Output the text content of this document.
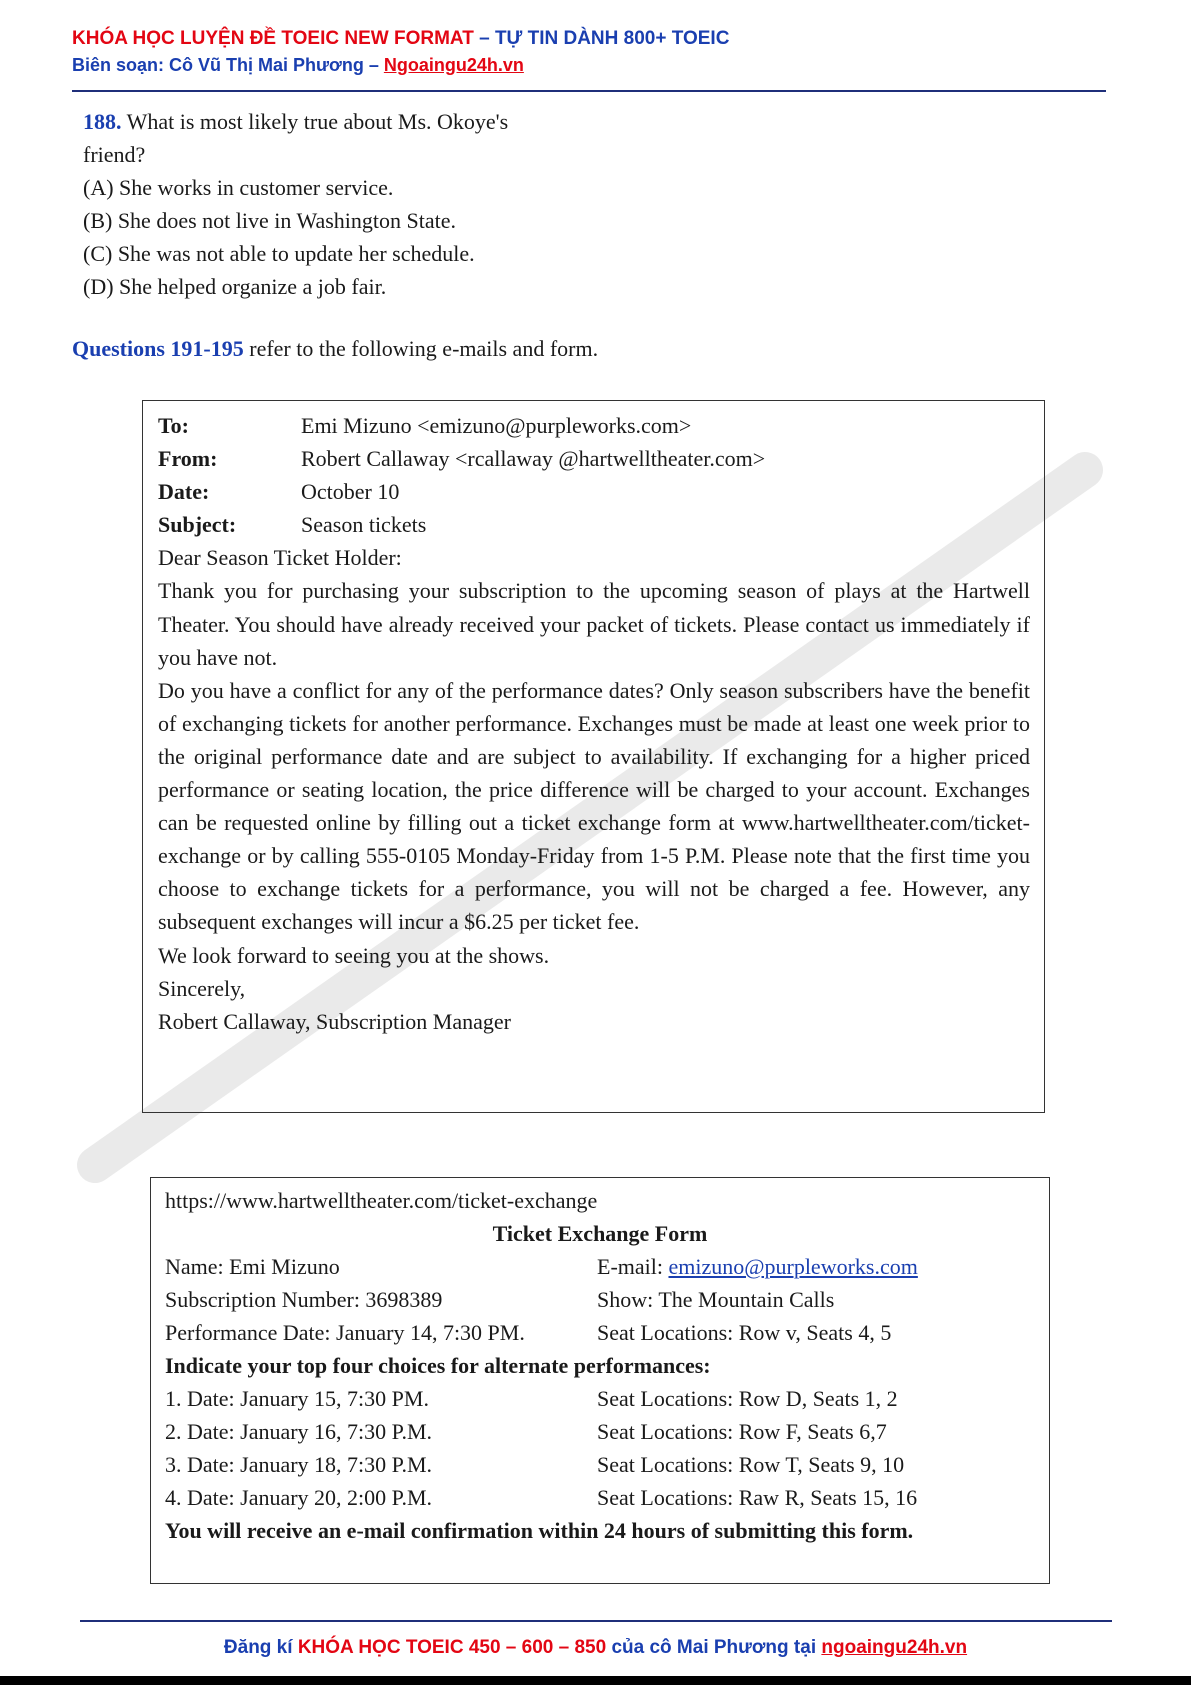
KHÓA HỌC LUYỆN ĐỀ TOEIC NEW FORMAT – TỰ TIN DÀNH 800+ TOEIC
Biên soạn: Cô Vũ Thị Mai Phương – Ngoaingu24h.vn
188. What is most likely true about Ms. Okoye's
friend?
(A) She works in customer service.
(B) She does not live in Washington State.
(C) She was not able to update her schedule.
(D) She helped organize a job fair.
Questions 191-195 refer to the following e-mails and form.
To:	Emi Mizuno <emizuno@purpleworks.com>
From:	Robert Callaway <rcallaway @hartwelltheater.com>
Date:	October 10
Subject:	Season tickets
Dear Season Ticket Holder:
Thank you for purchasing your subscription to the upcoming season of plays at the Hartwell Theater. You should have already received your packet of tickets. Please contact us immediately if you have not.
Do you have a conflict for any of the performance dates? Only season subscribers have the benefit of exchanging tickets for another performance. Exchanges must be made at least one week prior to the original performance date and are subject to availability. If exchanging for a higher priced performance or seating location, the price difference will be charged to your account. Exchanges can be requested online by filling out a ticket exchange form at www.hartwelltheater.com/ticket-exchange or by calling 555-0105 Monday-Friday from 1-5 P.M. Please note that the first time you choose to exchange tickets for a performance, you will not be charged a fee. However, any subsequent exchanges will incur a $6.25 per ticket fee.
We look forward to seeing you at the shows.
Sincerely,
Robert Callaway, Subscription Manager
https://www.hartwelltheater.com/ticket-exchange
Ticket Exchange Form
Name: Emi Mizuno	E-mail: emizuno@purpleworks.com
Subscription Number: 3698389	Show: The Mountain Calls
Performance Date: January 14, 7:30 PM.	Seat Locations: Row v, Seats 4, 5
Indicate your top four choices for alternate performances:
1. Date: January 15, 7:30 PM.	Seat Locations: Row D, Seats 1, 2
2. Date: January 16, 7:30 P.M.	Seat Locations: Row F, Seats 6,7
3. Date: January 18, 7:30 P.M.	Seat Locations: Row T, Seats 9, 10
4. Date: January 20, 2:00 P.M.	Seat Locations: Raw R, Seats 15, 16
You will receive an e-mail confirmation within 24 hours of submitting this form.
Đăng kí KHÓA HỌC TOEIC 450 – 600 – 850 của cô Mai Phương tại ngoaingu24h.vn
